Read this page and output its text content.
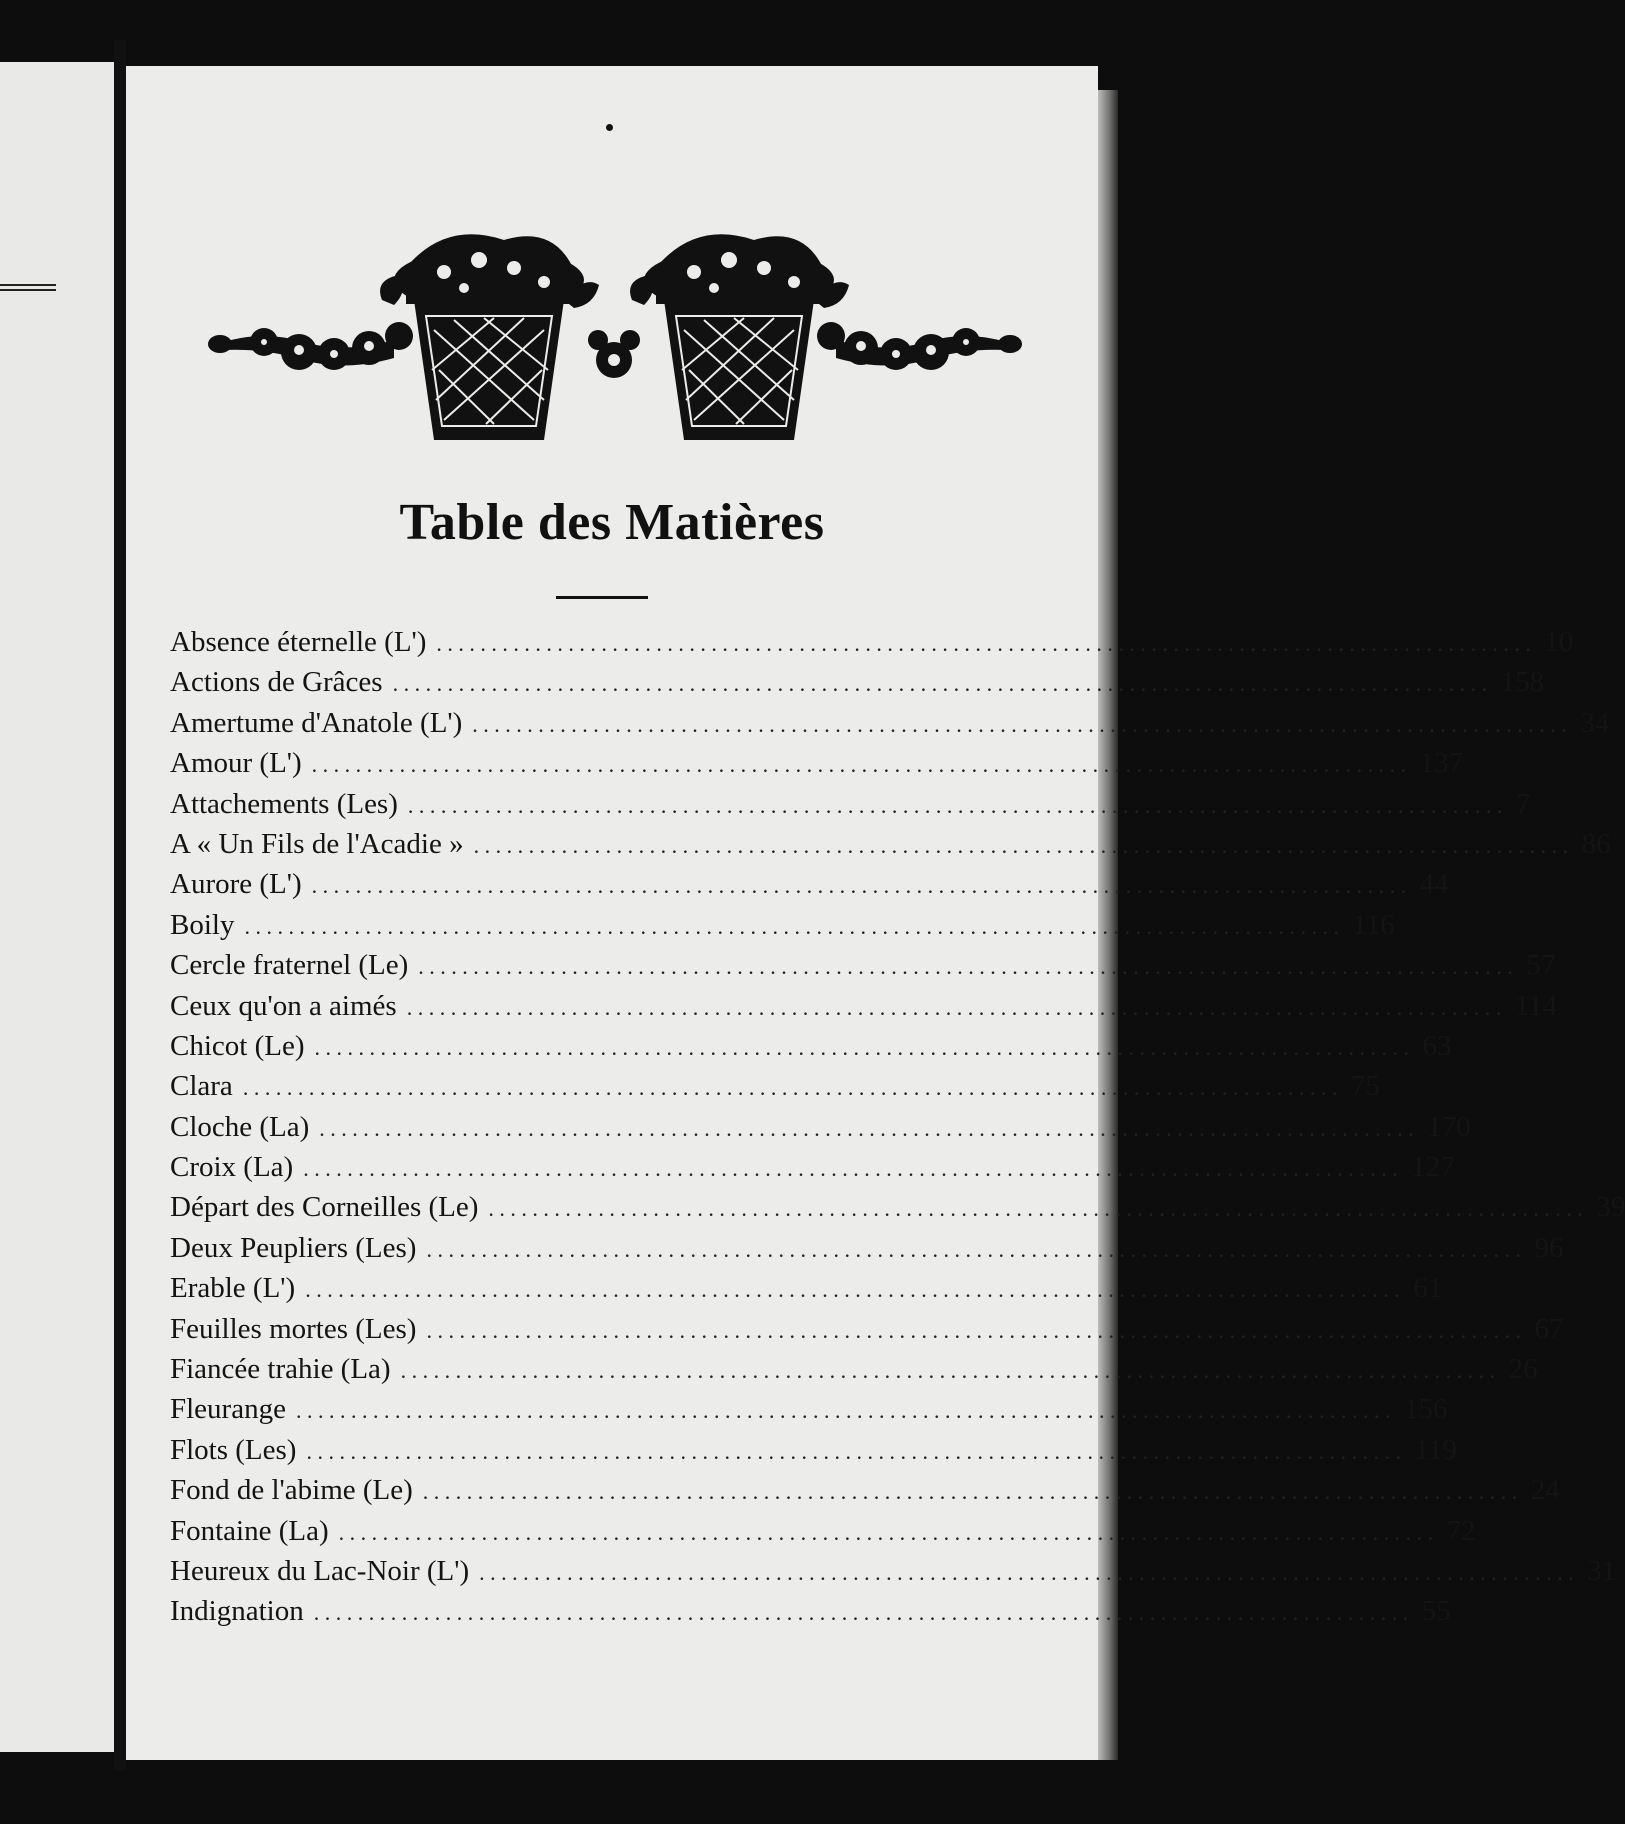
Table des Matières
Absence éternelle (L') .................................................................................................... 10
Actions de Grâces .................................................................................................... 158
Amertume d'Anatole (L') .................................................................................................... 34
Amour (L') .................................................................................................... 137
Attachements (Les) .................................................................................................... 7
A « Un Fils de l'Acadie » .................................................................................................... 86
Aurore (L') .................................................................................................... 44
Boily .................................................................................................... 116
Cercle fraternel (Le) .................................................................................................... 57
Ceux qu'on a aimés .................................................................................................... 114
Chicot (Le) .................................................................................................... 63
Clara .................................................................................................... 75
Cloche (La) .................................................................................................... 170
Croix (La) .................................................................................................... 127
Départ des Corneilles (Le) .................................................................................................... 39
Deux Peupliers (Les) .................................................................................................... 96
Erable (L') .................................................................................................... 61
Feuilles mortes (Les) .................................................................................................... 67
Fiancée trahie (La) .................................................................................................... 26
Fleurange .................................................................................................... 156
Flots (Les) .................................................................................................... 119
Fond de l'abime (Le) .................................................................................................... 24
Fontaine (La) .................................................................................................... 72
Heureux du Lac-Noir (L') .................................................................................................... 31
Indignation .................................................................................................... 55
